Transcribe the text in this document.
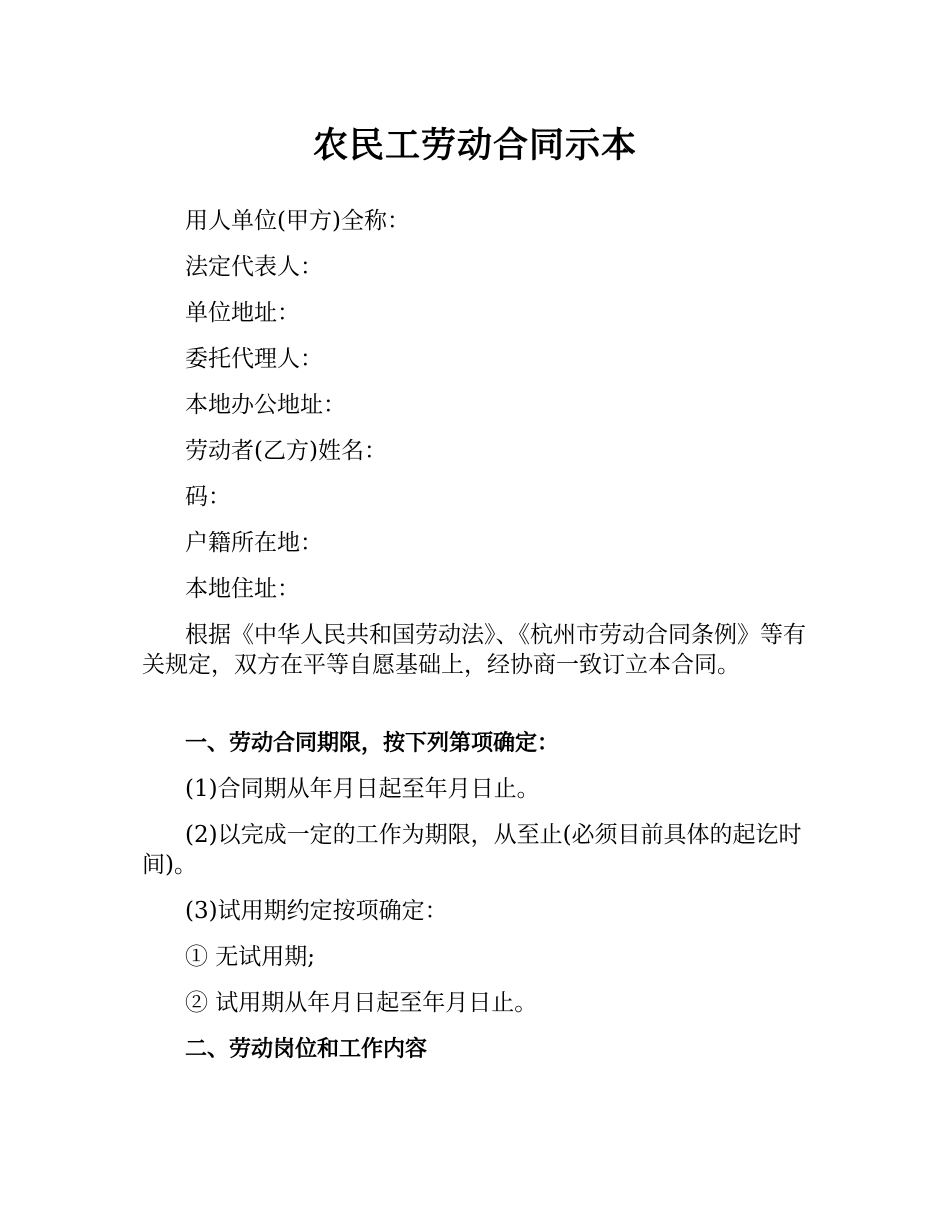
农民工劳动合同示本

用人单位(甲方)全称：

法定代表人：

单位地址：

委托代理人：

本地办公地址：

劳动者(乙方)姓名：

码：

户籍所在地：

本地住址：

根据《中华人民共和国劳动法》、《杭州市劳动合同条例》等有关规定，双方在平等自愿基础上，经协商一致订立本合同。

一、劳动合同期限，按下列第项确定：

(1)合同期从年月日起至年月日止。

(2)以完成一定的工作为期限，从至止(必须目前具体的起讫时间)。

(3)试用期约定按项确定：

① 无试用期;

② 试用期从年月日起至年月日止。

二、劳动岗位和工作内容
